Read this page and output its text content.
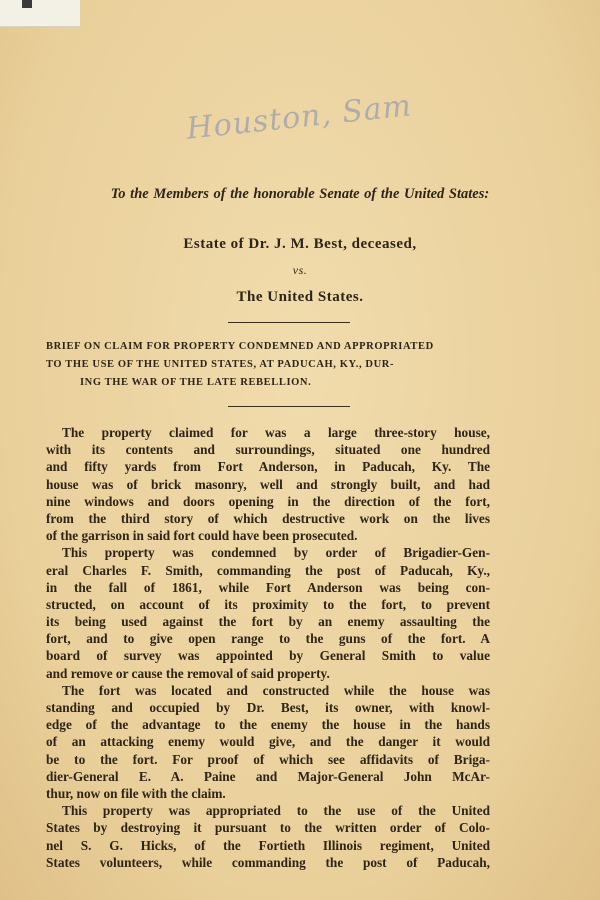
Houston, Sam
To the Members of the honorable Senate of the United States:
Estate of Dr. J. M. Best, deceased,
vs.
The United States.
BRIEF ON CLAIM FOR PROPERTY CONDEMNED AND APPROPRIATED
TO THE USE OF THE UNITED STATES, AT PADUCAH, KY., DUR-
ING THE WAR OF THE LATE REBELLION.
The property claimed for was a large three-story house,
with its contents and surroundings, situated one hundred
and fifty yards from Fort Anderson, in Paducah, Ky. The
house was of brick masonry, well and strongly built, and had
nine windows and doors opening in the direction of the fort,
from the third story of which destructive work on the lives
of the garrison in said fort could have been prosecuted.
This property was condemned by order of Brigadier-Gen-
eral Charles F. Smith, commanding the post of Paducah, Ky.,
in the fall of 1861, while Fort Anderson was being con-
structed, on account of its proximity to the fort, to prevent
its being used against the fort by an enemy assaulting the
fort, and to give open range to the guns of the fort. A
board of survey was appointed by General Smith to value
and remove or cause the removal of said property.
The fort was located and constructed while the house was
standing and occupied by Dr. Best, its owner, with knowl-
edge of the advantage to the enemy the house in the hands
of an attacking enemy would give, and the danger it would
be to the fort. For proof of which see affidavits of Briga-
dier-General E. A. Paine and Major-General John McAr-
thur, now on file with the claim.
This property was appropriated to the use of the United
States by destroying it pursuant to the written order of Colo-
nel S. G. Hicks, of the Fortieth Illinois regiment, United
States volunteers, while commanding the post of Paducah,
